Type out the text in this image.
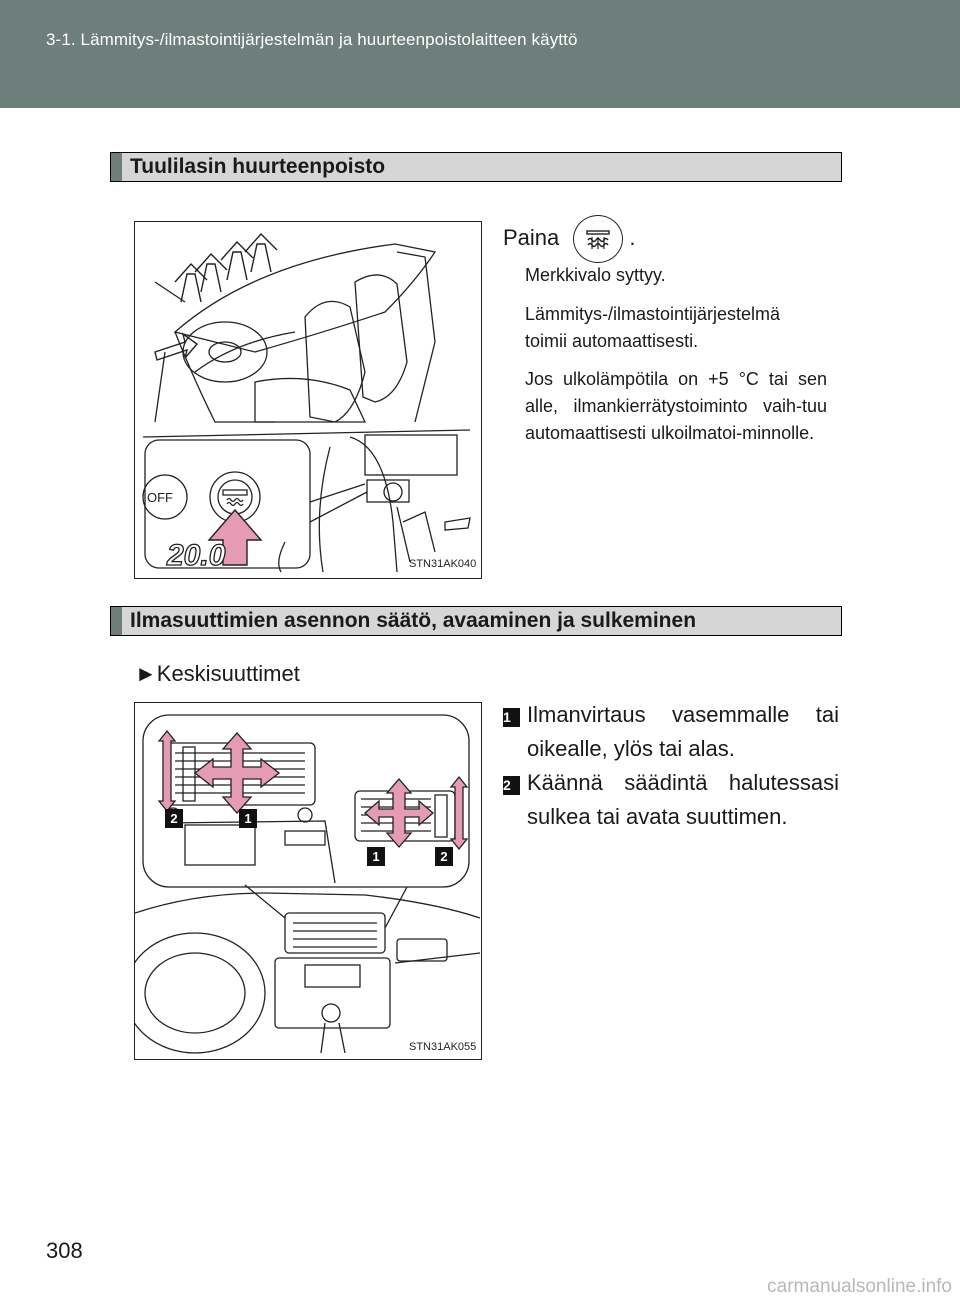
3-1. Lämmitys-/ilmastointijärjestelmän ja huurteenpoistolaitteen käyttö
Tuulilasin huurteenpoisto
OFF
20.0	STN31AK040
Paina	.
Merkkivalo syttyy.
Lämmitys-/ilmastointijärjestelmä toimii automaattisesti.
Jos ulkolämpötila on +5 °C tai sen alle, ilmankierrätystoiminto vaih-tuu automaattisesti ulkoilmatoi-minnolle.
Ilmasuuttimien asennon säätö, avaaminen ja sulkeminen
►Keskisuuttimet
2	1
1	2
STN31AK055
1 Ilmanvirtaus vasemmalle tai oikealle, ylös tai alas.
2 Käännä säädintä halutessasi sulkea tai avata suuttimen.
308
carmanualsonline.info
